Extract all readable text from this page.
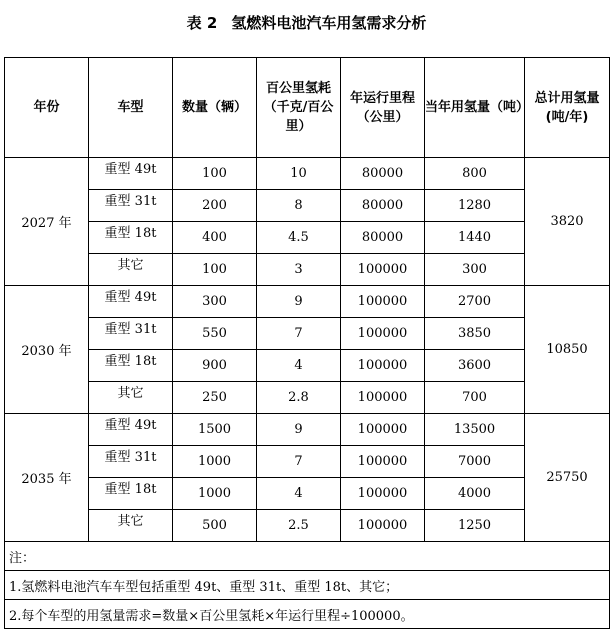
表 2 氢燃料电池汽车用氢需求分析
年份	车型	数量（辆）	百公里氢耗（千克/百公里）	年运行里程（公里）	当年用氢量（吨）	总计用氢量(吨/年)
2027 年	重型 49t	100	10	80000	800	3820
	重型 31t	200	8	80000	1280	
	重型 18t	400	4.5	80000	1440	
	其它	100	3	100000	300	
2030 年	重型 49t	300	9	100000	2700	10850
	重型 31t	550	7	100000	3850	
	重型 18t	900	4	100000	3600	
	其它	250	2.8	100000	700	
2035 年	重型 49t	1500	9	100000	13500	25750
	重型 31t	1000	7	100000	7000	
	重型 18t	1000	4	100000	4000	
	其它	500	2.5	100000	1250	
注：						
1.氢燃料电池汽车车型包括重型 49t、重型 31t、重型 18t、其它；						
2.每个车型的用氢量需求=数量×百公里氢耗×年运行里程÷100000。						
